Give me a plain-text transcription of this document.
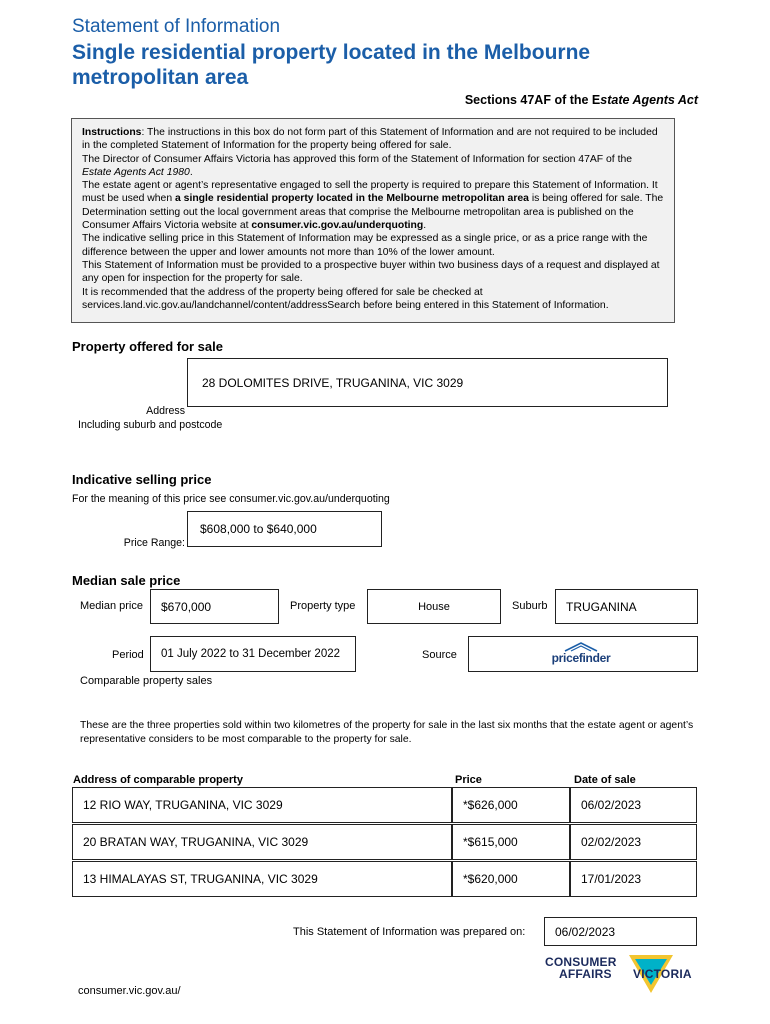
Statement of Information
Single residential property located in the Melbourne metropolitan area
Sections 47AF of the Estate Agents Act

Instructions: The instructions in this box do not form part of this Statement of Information and are not required to be included in the completed Statement of Information for the property being offered for sale.

The Director of Consumer Affairs Victoria has approved this form of the Statement of Information for section 47AF of the Estate Agents Act 1980.

The estate agent or agent’s representative engaged to sell the property is required to prepare this Statement of Information. It must be used when a single residential property located in the Melbourne metropolitan area is being offered for sale. The Determination setting out the local government areas that comprise the Melbourne metropolitan area is published on the Consumer Affairs Victoria website at consumer.vic.gov.au/underquoting.

The indicative selling price in this Statement of Information may be expressed as a single price, or as a price range with the difference between the upper and lower amounts not more than 10% of the lower amount.

This Statement of Information must be provided to a prospective buyer within two business days of a request and displayed at any open for inspection for the property for sale.

It is recommended that the address of the property being offered for sale be checked at services.land.vic.gov.au/landchannel/content/addressSearch before being entered in this Statement of Information.

Property offered for sale
28 DOLOMITES DRIVE, TRUGANINA, VIC 3029
Address
Including suburb and postcode
Indicative selling price
For the meaning of this price see consumer.vic.gov.au/underquoting
$608,000 to $640,000
Price Range:
Median sale price
Median price	$670,000	Property type	House	Suburb	TRUGANINA
Period	01 July 2022 to 31 December 2022	Source	pricefinder
Comparable property sales
These are the three properties sold within two kilometres of the property for sale in the last six months that the estate agent or agent’s representative considers to be most comparable to the property for sale.
Address of comparable property	Price	Date of sale
12 RIO WAY, TRUGANINA, VIC 3029	*$626,000	06/02/2023
20 BRATAN WAY, TRUGANINA, VIC 3029	*$615,000	02/02/2023
13 HIMALAYAS ST, TRUGANINA, VIC 3029	*$620,000	17/01/2023
This Statement of Information was prepared on:	06/02/2023
CONSUMER
AFFAIRS VICTORIA
consumer.vic.gov.au/
